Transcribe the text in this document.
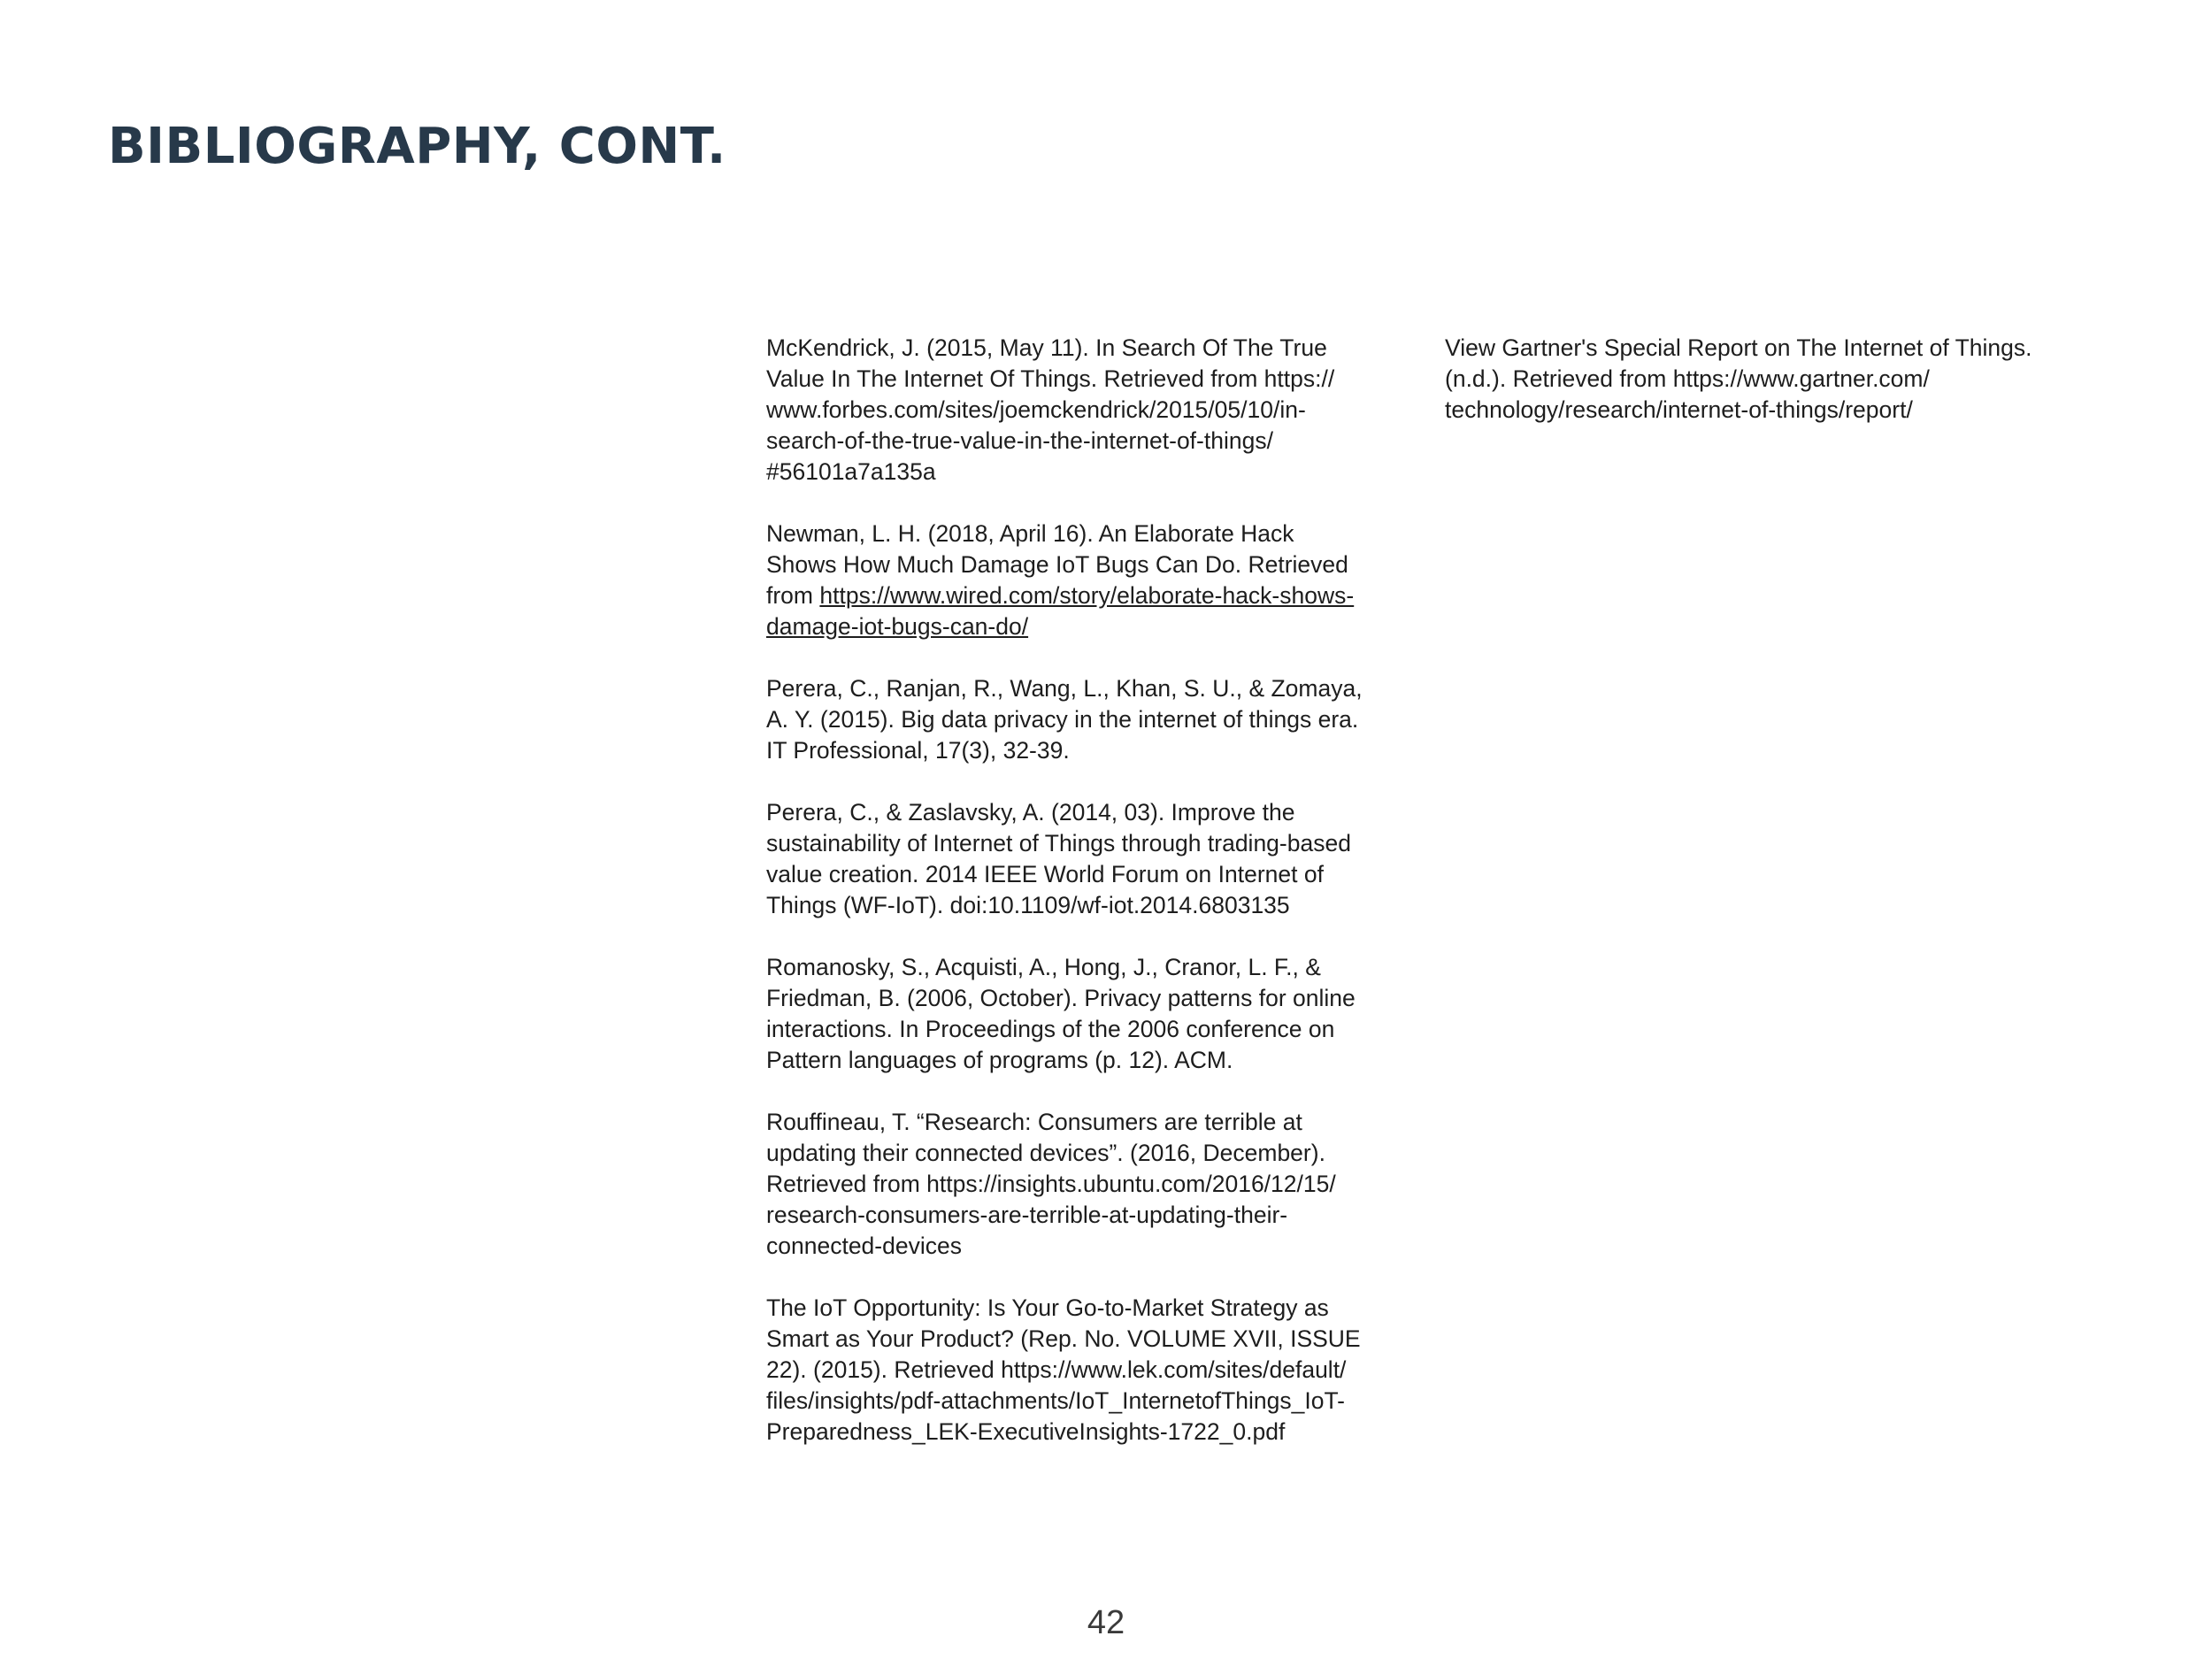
BIBLIOGRAPHY, CONT.

McKendrick, J. (2015, May 11). In Search Of The True
Value In The Internet Of Things. Retrieved from https://
www.forbes.com/sites/joemckendrick/2015/05/10/in-
search-of-the-true-value-in-the-internet-of-things/
#56101a7a135a

Newman, L. H. (2018, April 16). An Elaborate Hack
Shows How Much Damage IoT Bugs Can Do. Retrieved
from https://www.wired.com/story/elaborate-hack-shows-
damage-iot-bugs-can-do/

Perera, C., Ranjan, R., Wang, L., Khan, S. U., & Zomaya,
A. Y. (2015). Big data privacy in the internet of things era.
IT Professional, 17(3), 32-39.

Perera, C., & Zaslavsky, A. (2014, 03). Improve the
sustainability of Internet of Things through trading-based
value creation. 2014 IEEE World Forum on Internet of
Things (WF-IoT). doi:10.1109/wf-iot.2014.6803135

Romanosky, S., Acquisti, A., Hong, J., Cranor, L. F., &
Friedman, B. (2006, October). Privacy patterns for online
interactions. In Proceedings of the 2006 conference on
Pattern languages of programs (p. 12). ACM.

Rouffineau, T. “Research: Consumers are terrible at
updating their connected devices”. (2016, December).
Retrieved from https://insights.ubuntu.com/2016/12/15/
research-consumers-are-terrible-at-updating-their-
connected-devices

The IoT Opportunity: Is Your Go-to-Market Strategy as
Smart as Your Product? (Rep. No. VOLUME XVII, ISSUE
22). (2015). Retrieved https://www.lek.com/sites/default/
files/insights/pdf-attachments/IoT_InternetofThings_IoT-
Preparedness_LEK-ExecutiveInsights-1722_0.pdf

View Gartner's Special Report on The Internet of Things.
(n.d.). Retrieved from https://www.gartner.com/
technology/research/internet-of-things/report/

42
